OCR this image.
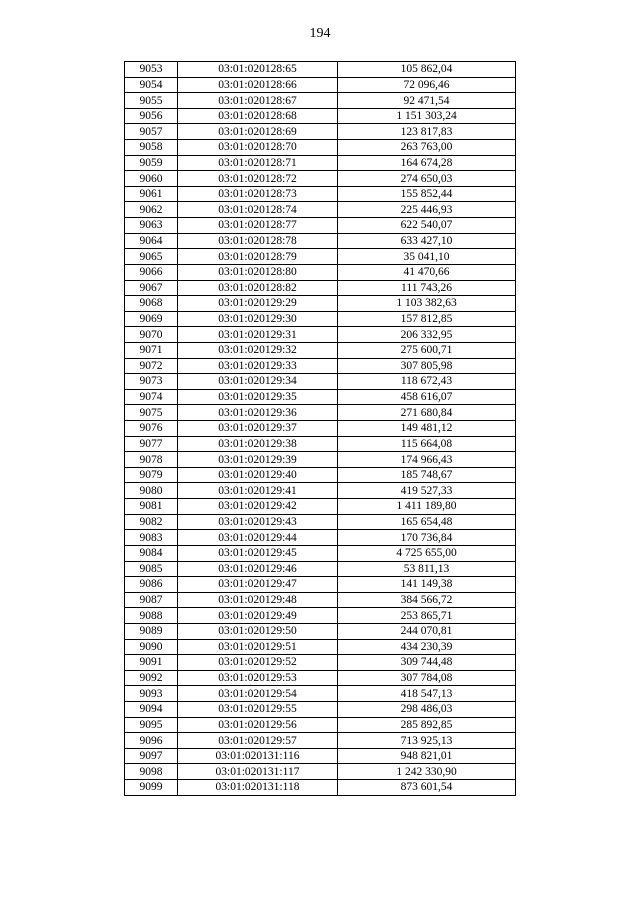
194
9053	03:01:020128:65	105 862,04
9054	03:01:020128:66	72 096,46
9055	03:01:020128:67	92 471,54
9056	03:01:020128:68	1 151 303,24
9057	03:01:020128:69	123 817,83
9058	03:01:020128:70	263 763,00
9059	03:01:020128:71	164 674,28
9060	03:01:020128:72	274 650,03
9061	03:01:020128:73	155 852,44
9062	03:01:020128:74	225 446,93
9063	03:01:020128:77	622 540,07
9064	03:01:020128:78	633 427,10
9065	03:01:020128:79	35 041,10
9066	03:01:020128:80	41 470,66
9067	03:01:020128:82	111 743,26
9068	03:01:020129:29	1 103 382,63
9069	03:01:020129:30	157 812,85
9070	03:01:020129:31	206 332,95
9071	03:01:020129:32	275 600,71
9072	03:01:020129:33	307 805,98
9073	03:01:020129:34	118 672,43
9074	03:01:020129:35	458 616,07
9075	03:01:020129:36	271 680,84
9076	03:01:020129:37	149 481,12
9077	03:01:020129:38	115 664,08
9078	03:01:020129:39	174 966,43
9079	03:01:020129:40	185 748,67
9080	03:01:020129:41	419 527,33
9081	03:01:020129:42	1 411 189,80
9082	03:01:020129:43	165 654,48
9083	03:01:020129:44	170 736,84
9084	03:01:020129:45	4 725 655,00
9085	03:01:020129:46	53 811,13
9086	03:01:020129:47	141 149,38
9087	03:01:020129:48	384 566,72
9088	03:01:020129:49	253 865,71
9089	03:01:020129:50	244 070,81
9090	03:01:020129:51	434 230,39
9091	03:01:020129:52	309 744,48
9092	03:01:020129:53	307 784,08
9093	03:01:020129:54	418 547,13
9094	03:01:020129:55	298 486,03
9095	03:01:020129:56	285 892,85
9096	03:01:020129:57	713 925,13
9097	03:01:020131:116	948 821,01
9098	03:01:020131:117	1 242 330,90
9099	03:01:020131:118	873 601,54
